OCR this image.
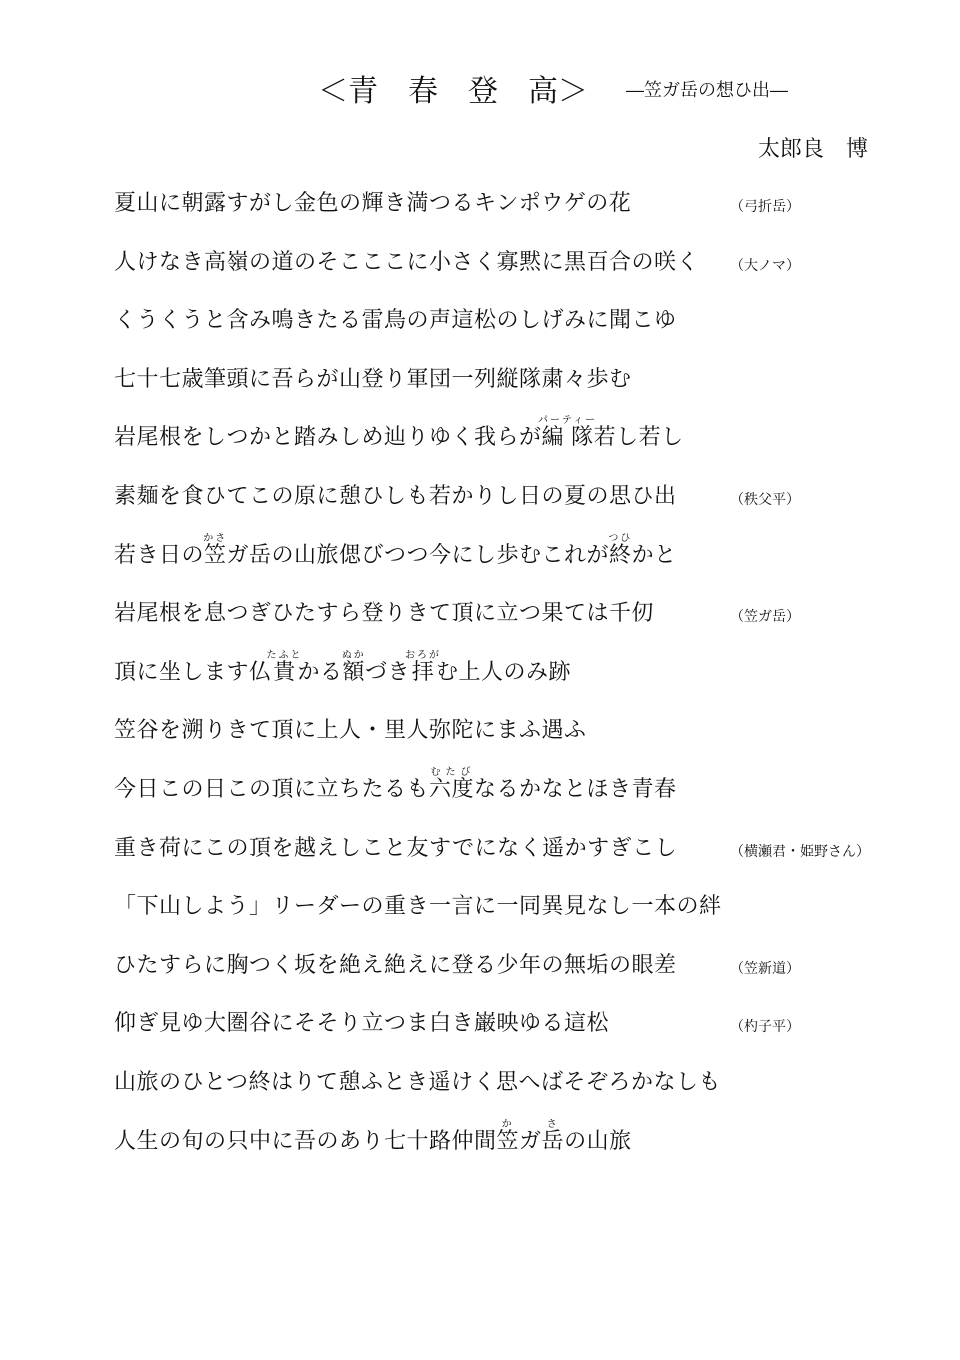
＜青　春　登　高＞ ―笠ガ岳の想ひ出―
太郎良　博
夏山に朝露すがし金色の輝き満つるキンポウゲの花	（弓折岳）
人けなき高嶺の道のそこここに小さく寡黙に黒百合の咲く （大ノマ）
くうくうと含み鳴きたる雷鳥の声這松のしげみに聞こゆ
七十七歳筆頭に吾らが山登り軍団一列縦隊粛々歩む
岩尾根をしつかと踏みしめ辿りゆく我らが編隊パーティー若し若し
素麺を食ひてこの原に憩ひしも若かりし日の夏の思ひ出	（秩父平）
若き日の笠かさガ岳の山旅偲びつつ今にし歩むこれが終つひかと
岩尾根を息つぎひたすら登りきて頂に立つ果ては千仞	（笠ガ岳）
頂に坐します仏貴たふとかる額ぬかづき拝おろがむ上人のみ跡
笠谷を溯りきて頂に上人・里人弥陀にまふ遇ふ
今日この日この頂に立ちたるも六度むたびなるかなとほき青春
重き荷にこの頂を越えしこと友すでになく遥かすぎこし	（横瀬君・姫野さん）
「下山しよう」リーダーの重き一言に一同異見なし一本の絆
ひたすらに胸つく坂を絶え絶えに登る少年の無垢の眼差	（笠新道）
仰ぎ見ゆ大圏谷にそそり立つま白き巌映ゆる這松	（杓子平）
山旅のひとつ終はりて憩ふとき遥けく思へばそぞろかなしも
人生の旬の只中に吾のあり七十路仲間笠かガ岳さの山旅
